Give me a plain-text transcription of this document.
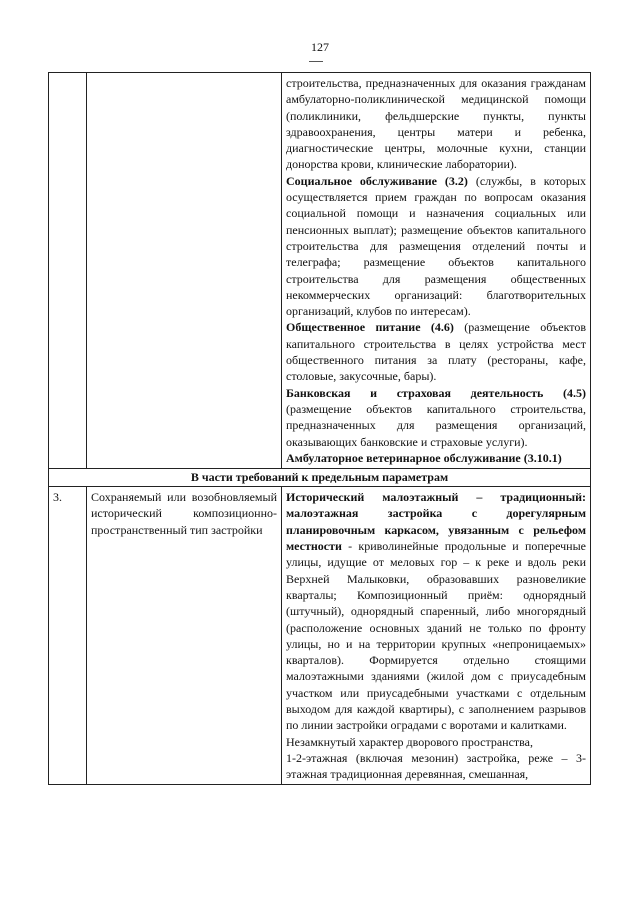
127

		строительства, предназначенных для оказания гражданам амбулаторно-поликлинической медицинской помощи (поликлиники, фельдшерские пункты, пункты здравоохранения, центры матери и ребенка, диагностические центры, молочные кухни, станции донорства крови, клинические лаборатории).

Социальное обслуживание (3.2) (службы, в которых осуществляется прием граждан по вопросам оказания социальной помощи и назначения социальных или пенсионных выплат); размещение объектов капитального строительства для размещения отделений почты и телеграфа; размещение объектов капитального строительства для размещения общественных некоммерческих организаций: благотворительных организаций, клубов по интересам).

Общественное питание (4.6) (размещение объектов капитального строительства в целях устройства мест общественного питания за плату (рестораны, кафе, столовые, закусочные, бары).

Банковская и страховая деятельность (4.5) (размещение объектов капитального строительства, предназначенных для размещения организаций, оказывающих банковские и страховые услуги).

Амбулаторное ветеринарное обслуживание (3.10.1)

В части требований к предельным параметрам		
3.	Сохраняемый или возобновляемый исторический композиционно-пространственный тип застройки	Исторический малоэтажный – традиционный: малоэтажная застройка с дорегулярным планировочным каркасом, увязанным с рельефом местности - криволинейные продольные и поперечные улицы, идущие от меловых гор – к реке и вдоль реки Верхней Малыковки, образовавших разновеликие кварталы; Композиционный приём: однорядный (штучный), однорядный спаренный, либо многорядный (расположение основных зданий не только по фронту улицы, но и на территории крупных «непроницаемых» кварталов). Формируется отдельно стоящими малоэтажными зданиями (жилой дом с приусадебным участком или приусадебными участками с отдельным выходом для каждой квартиры), с заполнением разрывов по линии застройки оградами с воротами и калитками.

Незамкнутый характер дворового пространства,

1-2-этажная (включая мезонин) застройка, реже – 3-этажная традиционная деревянная, смешанная,
